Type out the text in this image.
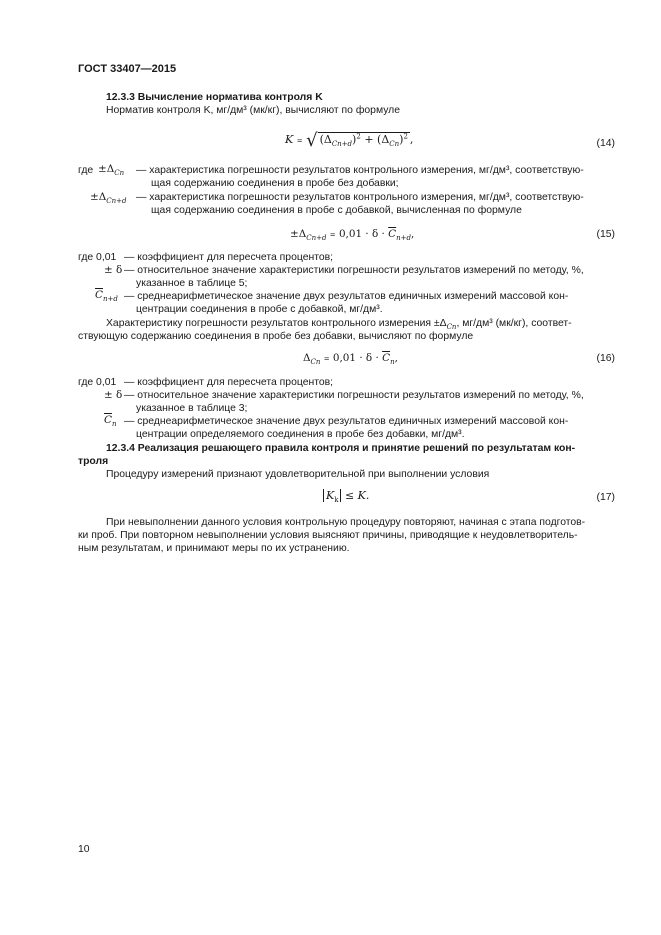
ГОСТ 33407—2015
12.3.3 Вычисление норматива контроля K
Норматив контроля K, мг/дм³ (мк/кг), вычисляют по формуле
K = √ $(\Delta_{Cn+d})^2 + (\Delta_{Cn})^2$ ,	(14)
где $\pm\Delta_{Cn}$ — характеристика погрешности результатов контрольного измерения, мг/дм³, соответствую-
щая содержанию соединения в пробе без добавки;
$\pm\Delta_{Cn+d}$ — характеристика погрешности результатов контрольного измерения, мг/дм³, соответствую-
щая содержанию соединения в пробе с добавкой, вычисленная по формуле
$\pm\Delta_{Cn+d} = 0,01 \cdot \delta \cdot \overline{C}_{n+d}$,	(15)
где 0,01 — коэффициент для пересчета процентов;
± δ — относительное значение характеристики погрешности результатов измерений по методу, %,
указанное в таблице 5;
$\overline{C}_{n+d}$ — среднеарифметическое значение двух результатов единичных измерений массовой кон-
центрации соединения в пробе с добавкой, мг/дм³.
Характеристику погрешности результатов контрольного измерения $\pm\Delta_{Cn}$, мг/дм³ (мк/кг), соответ-
ствующую содержанию соединения в пробе без добавки, вычисляют по формуле
$\Delta_{Cn} = 0,01 \cdot \delta \cdot \overline{C}_n$,	(16)
где 0,01 — коэффициент для пересчета процентов;
± δ — относительное значение характеристики погрешности результатов измерений по методу, %,
указанное в таблице 3;
$\overline{C}_n$ — среднеарифметическое значение двух результатов единичных измерений массовой кон-
центрации определяемого соединения в пробе без добавки, мг/дм³.
12.3.4 Реализация решающего правила контроля и принятие решений по результатам кон-
троля
Процедуру измерений признают удовлетворительной при выполнении условия
$K_k \le K$.	(17)
При невыполнении данного условия контрольную процедуру повторяют, начиная с этапа подготов-
ки проб. При повторном невыполнении условия выясняют причины, приводящие к неудовлетворитель-
ным результатам, и принимают меры по их устранению.
10
